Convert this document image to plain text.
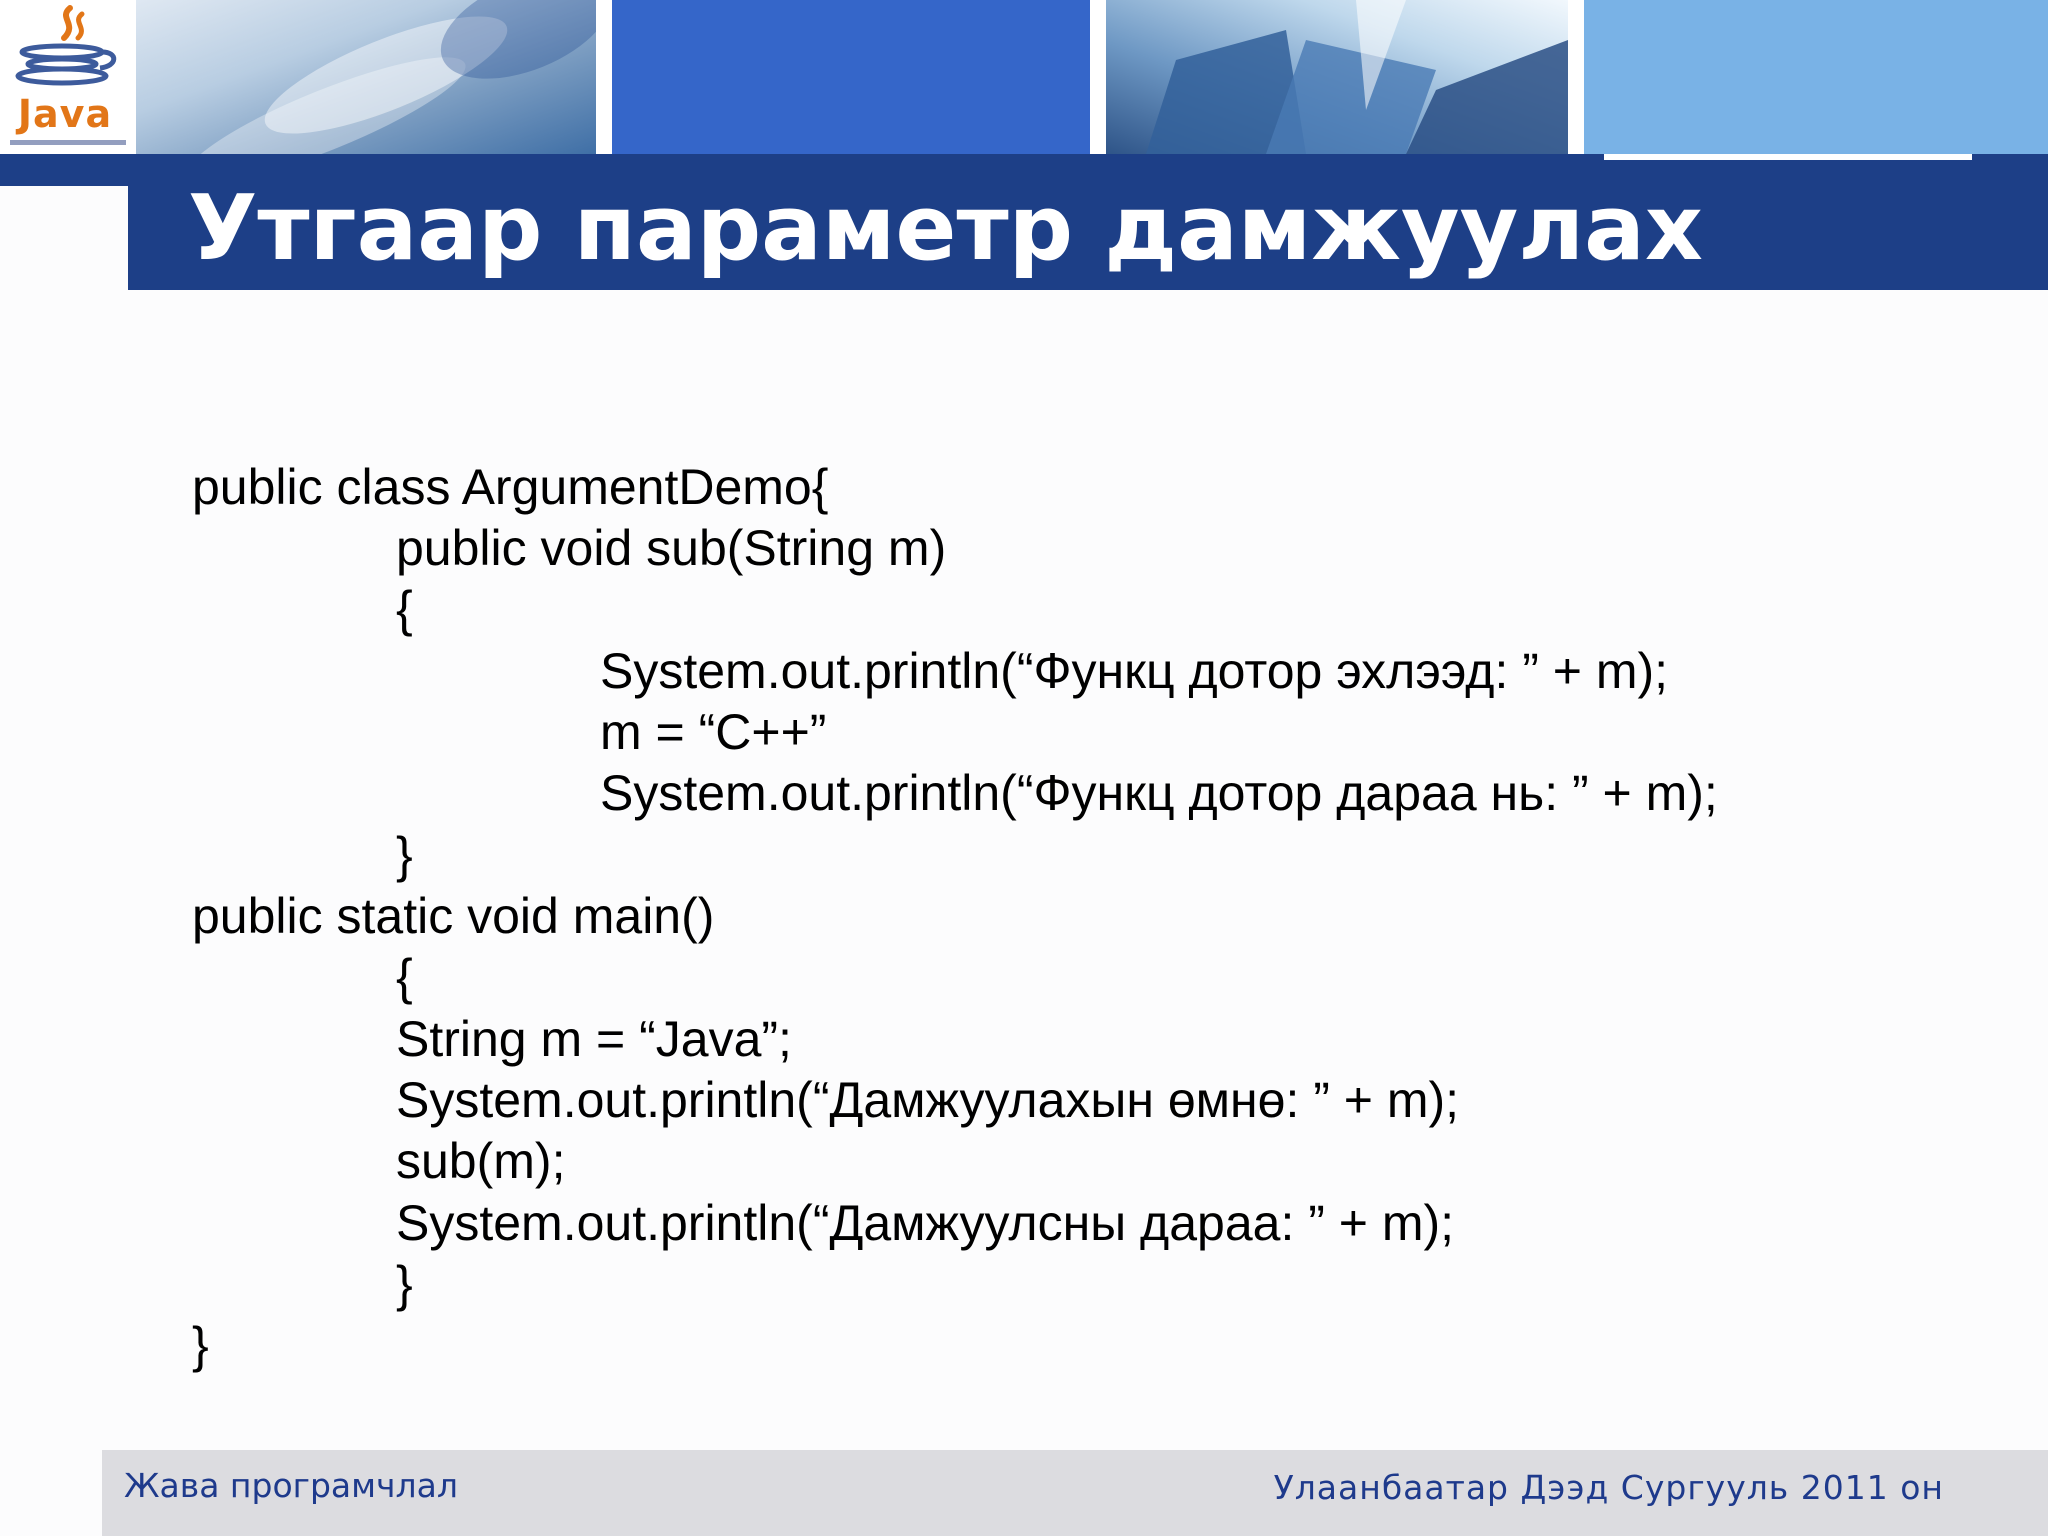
Java
Утгаар параметр дамжуулах
public class ArgumentDemo{
public void sub(String m)
{
System.out.println(“Функц дотор эхлээд: ” + m);
m = “C++”
System.out.println(“Функц дотор дараа нь: ” + m);
}
public static void main()
{
String m = “Java”;
System.out.println(“Дамжуулахын өмнө: ” + m);
sub(m);
System.out.println(“Дамжуулсны дараа: ” + m);
}
}
Жава програмчлал	Улаанбаатар Дээд Сургууль 2011 он
